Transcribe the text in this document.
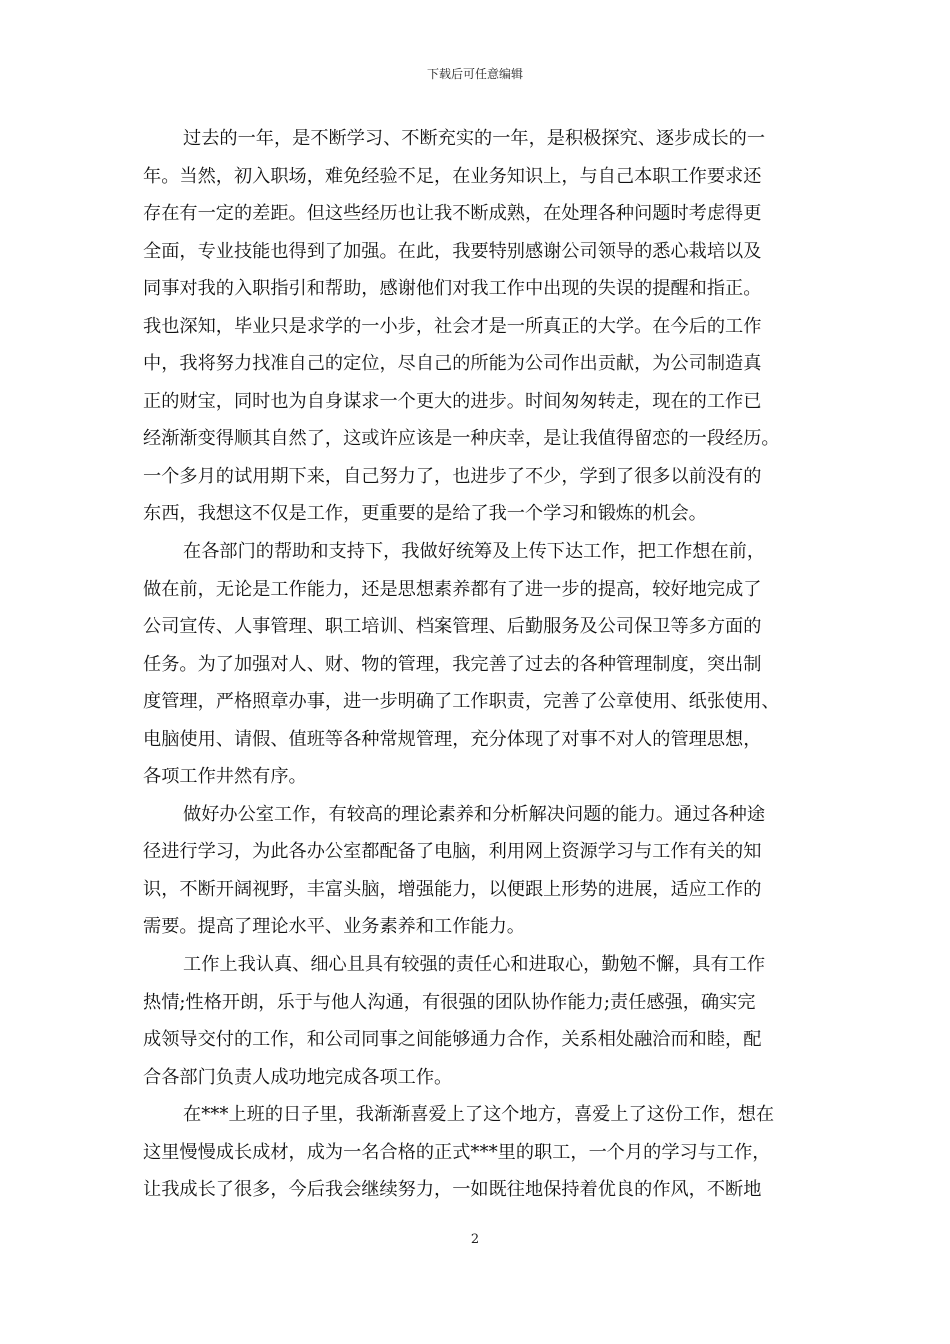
下载后可任意编辑
过去的一年，是不断学习、不断充实的一年，是积极探究、逐步成长的一
年。当然，初入职场，难免经验不足，在业务知识上，与自己本职工作要求还
存在有一定的差距。但这些经历也让我不断成熟，在处理各种问题时考虑得更
全面，专业技能也得到了加强。在此，我要特别感谢公司领导的悉心栽培以及
同事对我的入职指引和帮助，感谢他们对我工作中出现的失误的提醒和指正。
我也深知，毕业只是求学的一小步，社会才是一所真正的大学。在今后的工作
中，我将努力找准自己的定位，尽自己的所能为公司作出贡献，为公司制造真
正的财宝，同时也为自身谋求一个更大的进步。时间匆匆转走，现在的工作已
经渐渐变得顺其自然了，这或许应该是一种庆幸，是让我值得留恋的一段经历。
一个多月的试用期下来，自己努力了，也进步了不少，学到了很多以前没有的
东西，我想这不仅是工作，更重要的是给了我一个学习和锻炼的机会。
在各部门的帮助和支持下，我做好统筹及上传下达工作，把工作想在前，
做在前，无论是工作能力，还是思想素养都有了进一步的提高，较好地完成了
公司宣传、人事管理、职工培训、档案管理、后勤服务及公司保卫等多方面的
任务。为了加强对人、财、物的管理，我完善了过去的各种管理制度，突出制
度管理，严格照章办事，进一步明确了工作职责，完善了公章使用、纸张使用、
电脑使用、请假、值班等各种常规管理，充分体现了对事不对人的管理思想，
各项工作井然有序。
做好办公室工作，有较高的理论素养和分析解决问题的能力。通过各种途
径进行学习，为此各办公室都配备了电脑，利用网上资源学习与工作有关的知
识，不断开阔视野，丰富头脑，增强能力，以便跟上形势的进展，适应工作的
需要。提高了理论水平、业务素养和工作能力。
工作上我认真、细心且具有较强的责任心和进取心，勤勉不懈，具有工作
热情;性格开朗，乐于与他人沟通，有很强的团队协作能力;责任感强，确实完
成领导交付的工作，和公司同事之间能够通力合作，关系相处融洽而和睦，配
合各部门负责人成功地完成各项工作。
在***上班的日子里，我渐渐喜爱上了这个地方，喜爱上了这份工作，想在
这里慢慢成长成材，成为一名合格的正式***里的职工，一个月的学习与工作，
让我成长了很多，今后我会继续努力，一如既往地保持着优良的作风，不断地
2
